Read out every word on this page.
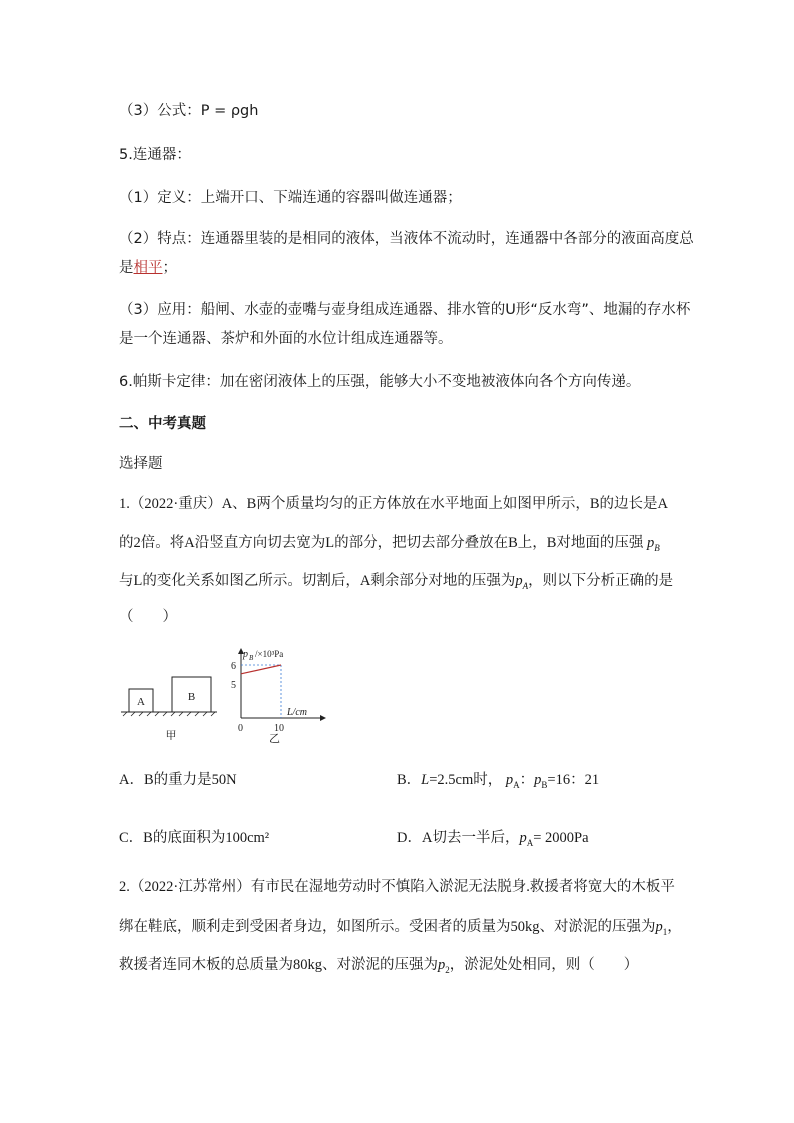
（3）公式：P = ρgh
5.连通器：
（1）定义：上端开口、下端连通的容器叫做连通器；
（2）特点：连通器里装的是相同的液体，当液体不流动时，连通器中各部分的液面高度总
是相平；
（3）应用：船闸、水壶的壶嘴与壶身组成连通器、排水管的U形“反水弯”、地漏的存水杯
是一个连通器、茶炉和外面的水位计组成连通器等。
6.帕斯卡定律：加在密闭液体上的压强，能够大小不变地被液体向各个方向传递。
二、中考真题
选择题
1.（2022·重庆）A、B两个质量均匀的正方体放在水平地面上如图甲所示，B的边长是A
的2倍。将A沿竖直方向切去宽为L的部分，把切去部分叠放在B上，B对地面的压强 $p_B$
与L的变化关系如图乙所示。切割后，A剩余部分对地的压强为$p_A$，则以下分析正确的是
（　　）
A	B
甲
p B /×10³Pa
L/cm
6
5
0	10
乙
A．B的重力是50N	B．L=2.5cm时， $p_A$：$p_B=16$：21
C．B的底面积为100cm²	D．A切去一半后，$p_A= 2000Pa$
2.（2022·江苏常州）有市民在湿地劳动时不慎陷入淤泥无法脱身.救援者将宽大的木板平
绑在鞋底，顺利走到受困者身边，如图所示。受困者的质量为50kg、对淤泥的压强为$p_1$，
救援者连同木板的总质量为80kg、对淤泥的压强为$p_2$，淤泥处处相同，则（　　）
